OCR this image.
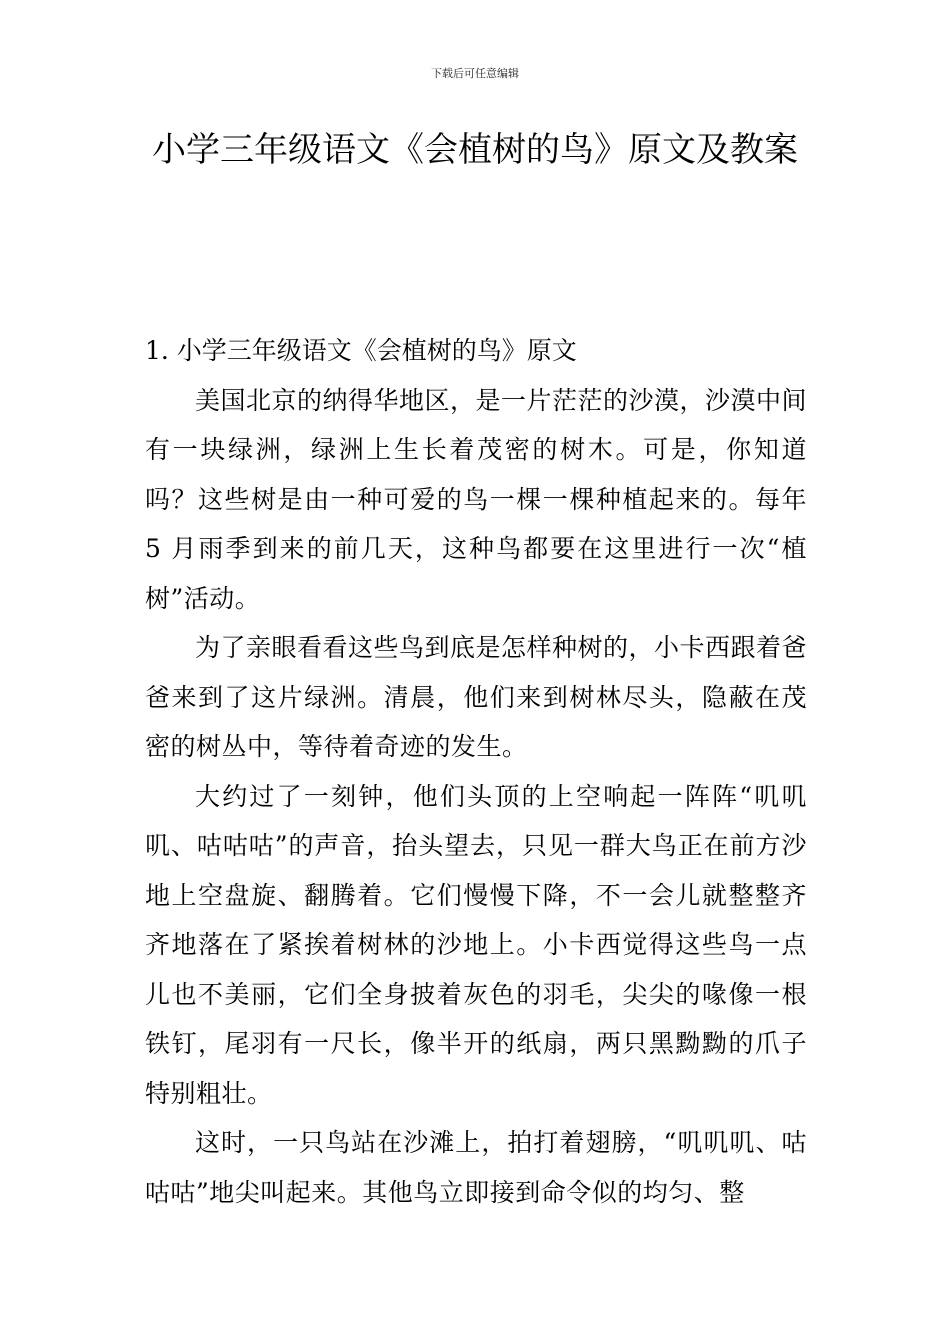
下载后可任意编辑
小学三年级语文《会植树的鸟》原文及教案

1. 小学三年级语文《会植树的鸟》原文

美国北京的纳得华地区，是一片茫茫的沙漠，沙漠中间有一块绿洲，绿洲上生长着茂密的树木。可是，你知道吗？这些树是由一种可爱的鸟一棵一棵种植起来的。每年 5 月雨季到来的前几天，这种鸟都要在这里进行一次“植树”活动。

为了亲眼看看这些鸟到底是怎样种树的，小卡西跟着爸爸来到了这片绿洲。清晨，他们来到树林尽头，隐蔽在茂密的树丛中，等待着奇迹的发生。

大约过了一刻钟，他们头顶的上空响起一阵阵“叽叽叽、咕咕咕”的声音，抬头望去，只见一群大鸟正在前方沙地上空盘旋、翻腾着。它们慢慢下降，不一会儿就整整齐齐地落在了紧挨着树林的沙地上。小卡西觉得这些鸟一点儿也不美丽，它们全身披着灰色的羽毛，尖尖的喙像一根铁钉，尾羽有一尺长，像半开的纸扇，两只黑黝黝的爪子特别粗壮。

这时，一只鸟站在沙滩上，拍打着翅膀，“叽叽叽、咕咕咕”地尖叫起来。其他鸟立即接到命令似的均匀、整
